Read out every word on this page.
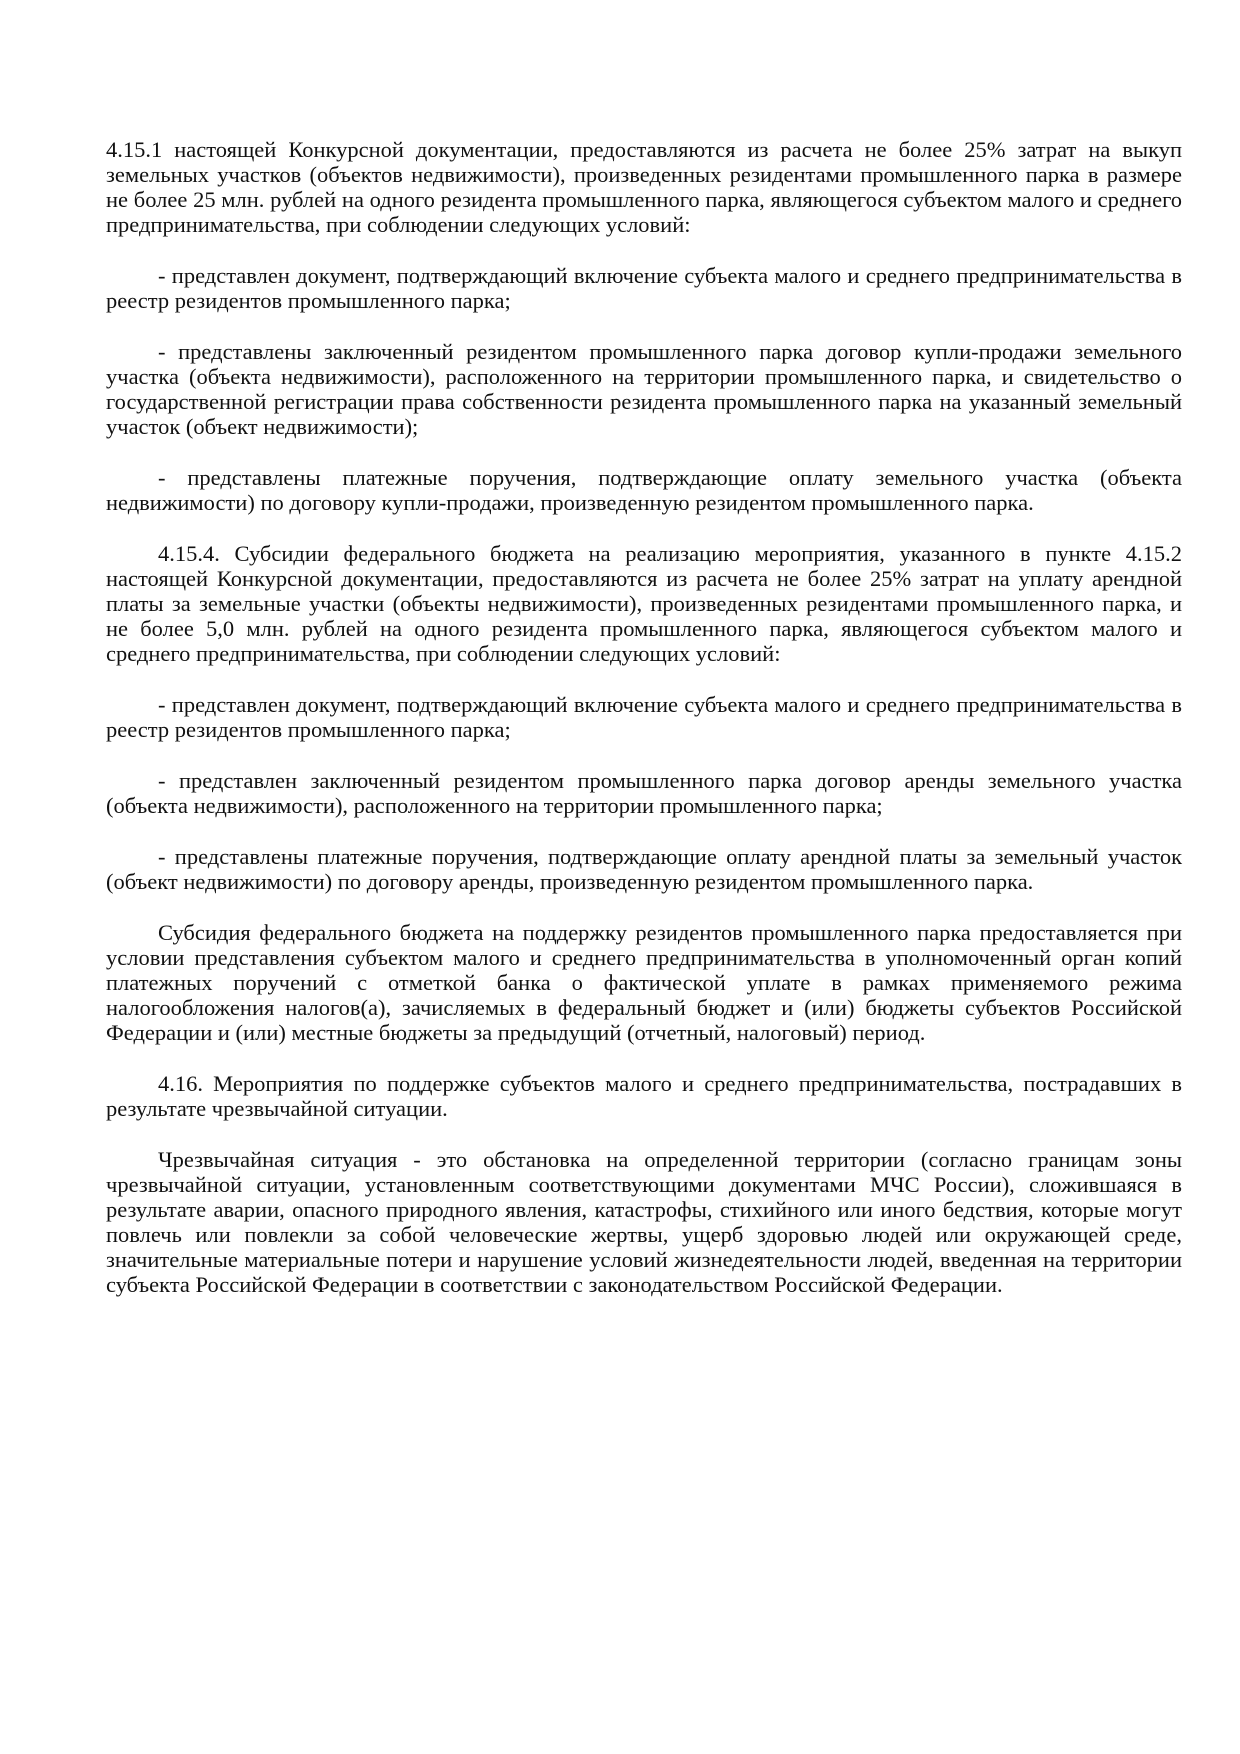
4.15.1 настоящей Конкурсной документации, предоставляются из расчета не более 25% затрат на выкуп земельных участков (объектов недвижимости), произведенных резидентами промышленного парка в размере не более 25 млн. рублей на одного резидента промышленного парка, являющегося субъектом малого и среднего предпринимательства, при соблюдении следующих условий:

- представлен документ, подтверждающий включение субъекта малого и среднего предпринимательства в реестр резидентов промышленного парка;

- представлены заключенный резидентом промышленного парка договор купли-продажи земельного участка (объекта недвижимости), расположенного на территории промышленного парка, и свидетельство о государственной регистрации права собственности резидента промышленного парка на указанный земельный участок (объект недвижимости);

- представлены платежные поручения, подтверждающие оплату земельного участка (объекта недвижимости) по договору купли-продажи, произведенную резидентом промышленного парка.

4.15.4. Субсидии федерального бюджета на реализацию мероприятия, указанного в пункте 4.15.2 настоящей Конкурсной документации, предоставляются из расчета не более 25% затрат на уплату арендной платы за земельные участки (объекты недвижимости), произведенных резидентами промышленного парка, и не более 5,0 млн. рублей на одного резидента промышленного парка, являющегося субъектом малого и среднего предпринимательства, при соблюдении следующих условий:

- представлен документ, подтверждающий включение субъекта малого и среднего предпринимательства в реестр резидентов промышленного парка;

- представлен заключенный резидентом промышленного парка договор аренды земельного участка (объекта недвижимости), расположенного на территории промышленного парка;

- представлены платежные поручения, подтверждающие оплату арендной платы за земельный участок (объект недвижимости) по договору аренды, произведенную резидентом промышленного парка.

Субсидия федерального бюджета на поддержку резидентов промышленного парка предоставляется при условии представления субъектом малого и среднего предпринимательства в уполномоченный орган копий платежных поручений с отметкой банка о фактической уплате в рамках применяемого режима налогообложения налогов(а), зачисляемых в федеральный бюджет и (или) бюджеты субъектов Российской Федерации и (или) местные бюджеты за предыдущий (отчетный, налоговый) период.

4.16. Мероприятия по поддержке субъектов малого и среднего предпринимательства, пострадавших в результате чрезвычайной ситуации.

Чрезвычайная ситуация - это обстановка на определенной территории (согласно границам зоны чрезвычайной ситуации, установленным соответствующими документами МЧС России), сложившаяся в результате аварии, опасного природного явления, катастрофы, стихийного или иного бедствия, которые могут повлечь или повлекли за собой человеческие жертвы, ущерб здоровью людей или окружающей среде, значительные материальные потери и нарушение условий жизнедеятельности людей, введенная на территории субъекта Российской Федерации в соответствии с законодательством Российской Федерации.
